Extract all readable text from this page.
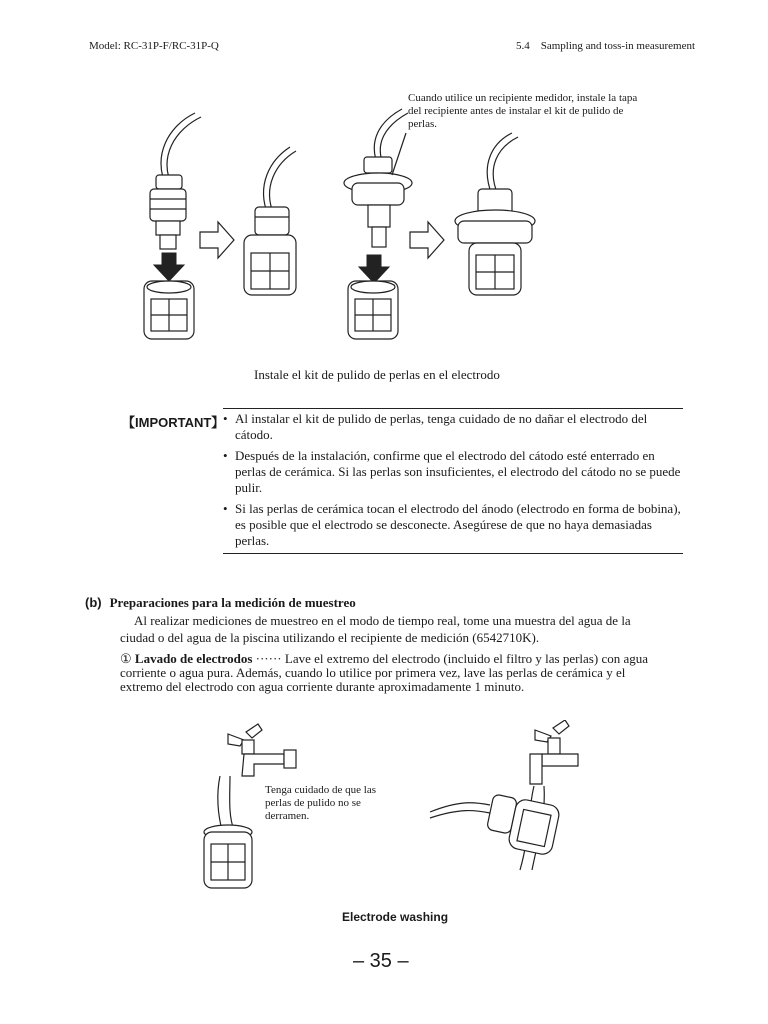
Model: RC-31P-F/RC-31P-Q	5.4    Sampling and toss-in measurement
Cuando utilice un recipiente medidor, instale la tapa del recipiente antes de instalar el kit de pulido de perlas.
Instale el kit de pulido de perlas en el electrodo
【IMPORTANT】
• Al instalar el kit de pulido de perlas, tenga cuidado de no dañar el electrodo del cátodo.
• Después de la instalación, confirme que el electrodo del cátodo esté enterrado en perlas de cerámica. Si las perlas son insuficientes, el electrodo del cátodo no se puede pulir.
• Si las perlas de cerámica tocan el electrodo del ánodo (electrodo en forma de bobina), es posible que el electrodo se desconecte. Asegúrese de que no haya demasiadas perlas.
(b) Preparaciones para la medición de muestreo
Al realizar mediciones de muestreo en el modo de tiempo real, tome una muestra del agua de la ciudad o del agua de la piscina utilizando el recipiente de medición (6542710K).
① Lavado de electrodos ······ Lave el extremo del electrodo (incluido el filtro y las perlas) con agua corriente o agua pura. Además, cuando lo utilice por primera vez, lave las perlas de cerámica y el extremo del electrodo con agua corriente durante aproximadamente 1 minuto.
Tenga cuidado de que las perlas de pulido no se derramen.
Electrode washing
– 35 –
